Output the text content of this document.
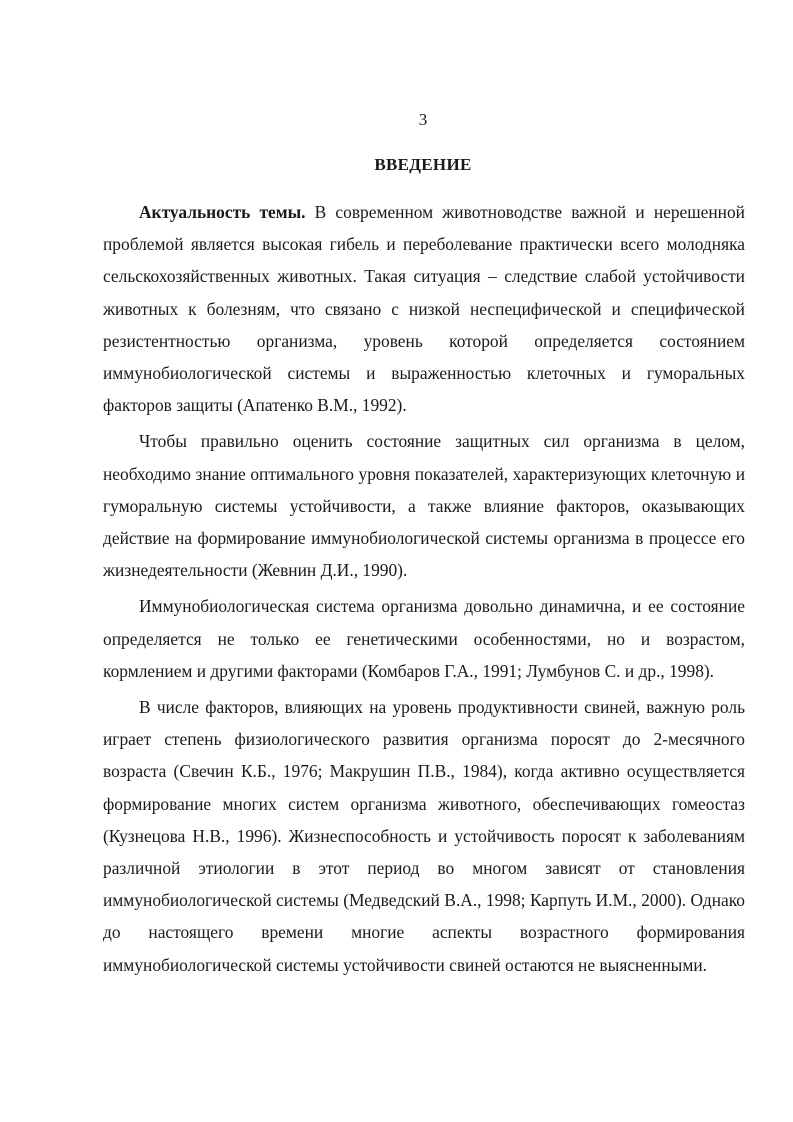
3
ВВЕДЕНИЕ

Актуальность темы. В современном животноводстве важной и нерешенной проблемой является высокая гибель и переболевание практически всего молодняка сельскохозяйственных животных. Такая ситуация – следствие слабой устойчивости животных к болезням, что связано с низкой неспецифической и специфической резистентностью организма, уровень которой определяется состоянием иммунобиологической системы и выраженностью клеточных и гуморальных факторов защиты (Апатенко В.М., 1992).

Чтобы правильно оценить состояние защитных сил организма в целом, необходимо знание оптимального уровня показателей, характеризующих клеточную и гуморальную системы устойчивости, а также влияние факторов, оказывающих действие на формирование иммунобиологической системы организма в процессе его жизнедеятельности (Жевнин Д.И., 1990).

Иммунобиологическая система организма довольно динамична, и ее состояние определяется не только ее генетическими особенностями, но и возрастом, кормлением и другими факторами (Комбаров Г.А., 1991; Лумбунов С. и др., 1998).

В числе факторов, влияющих на уровень продуктивности свиней, важную роль играет степень физиологического развития организма поросят до 2-месячного возраста (Свечин К.Б., 1976; Макрушин П.В., 1984), когда активно осуществляется формирование многих систем организма животного, обеспечивающих гомеостаз (Кузнецова Н.В., 1996). Жизнеспособность и устойчивость поросят к заболеваниям различной этиологии в этот период во многом зависят от становления иммунобиологической системы (Медведский В.А., 1998; Карпуть И.М., 2000). Однако до настоящего времени многие аспекты возрастного формирования иммунобиологической системы устойчивости свиней остаются не выясненными.
